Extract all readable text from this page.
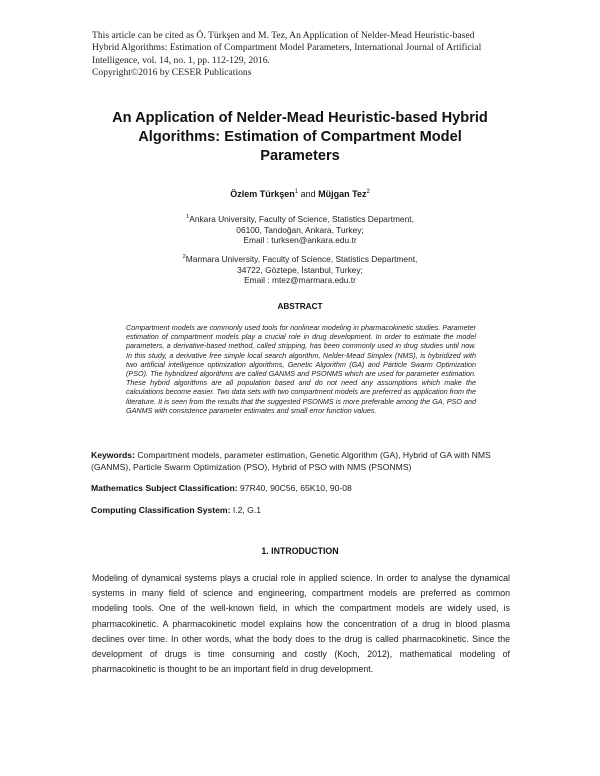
This article can be cited as Ö. Türkşen and M. Tez, An Application of Nelder-Mead Heuristic-based
Hybrid Algorithms: Estimation of Compartment Model Parameters, International Journal of Artificial
Intelligence, vol. 14, no. 1, pp. 112-129, 2016.
Copyright©2016 by CESER Publications
An Application of Nelder-Mead Heuristic-based Hybrid
Algorithms: Estimation of Compartment Model
Parameters
Özlem Türkşen$^1$ and Müjgan Tez$^2$
$^1$Ankara University, Faculty of Science, Statistics Department,
06100, Tandoğan, Ankara, Turkey;
Email : turksen@ankara.edu.tr
$^2$Marmara University, Faculty of Science, Statistics Department,
34722, Göztepe, İstanbul, Turkey;
Email : mtez@marmara.edu.tr
ABSTRACT
Compartment models are commonly used tools for nonlinear modeling in pharmacokinetic studies. Parameter estimation of compartment models play a crucial role in drug development. In order to estimate the model parameters, a derivative-based method, called stripping, has been commonly used in drug studies until now. In this study, a derivative free simple local search algorithm, Nelder-Mead Simplex (NMS), is hybridized with two artificial intelligence optimization algorithms, Genetic Algorithm (GA) and Particle Swarm Optimization (PSO). The hybridized algorithms are called GANMS and PSONMS which are used for parameter estimation. These hybrid algorithms are all population based and do not need any assumptions which make the calculations become easier. Two data sets with two compartment models are preferred as application from the literature. It is seen from the results that the suggested PSONMS is more preferable among the GA, PSO and GANMS with consistence parameter estimates and small error function values.
Keywords: Compartment models, parameter estimation, Genetic Algorithm (GA), Hybrid of GA with NMS (GANMS), Particle Swarm Optimization (PSO), Hybrid of PSO with NMS (PSONMS)
Mathematics Subject Classification: 97R40, 90C56, 65K10, 90-08
Computing Classification System: I.2, G.1
1. INTRODUCTION
Modeling of dynamical systems plays a crucial role in applied science. In order to analyse the dynamical systems in many field of science and engineering, compartment models are preferred as common modeling tools. One of the well-known field, in which the compartment models are widely used, is pharmacokinetic. A pharmacokinetic model explains how the concentration of a drug in blood plasma declines over time. In other words, what the body does to the drug is called pharmacokinetic. Since the development of drugs is time consuming and costly (Koch, 2012), mathematical modeling of pharmacokinetic is thought to be an important field in drug development.
